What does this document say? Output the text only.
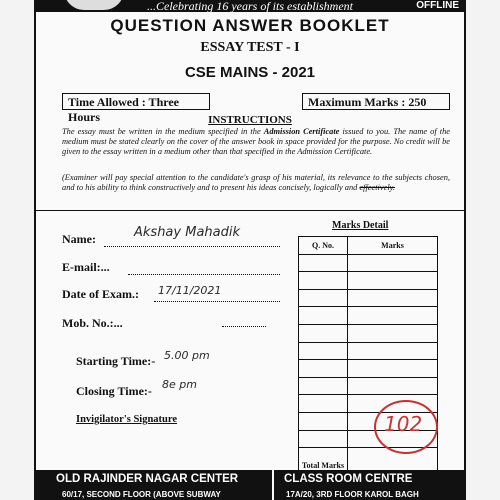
...Celebrating 16 years of its establishment	OFFLINE
QUESTION ANSWER BOOKLET
ESSAY TEST - I
CSE MAINS - 2021
Time Allowed : Three Hours
Maximum Marks : 250
INSTRUCTIONS
The essay must be written in the medium specified in the Admission Certificate issued to you. The name of the medium must be stated clearly on the cover of the answer book in space provided for the purpose. No credit will be given to the essay written in a medium other than that specified in the Admission Certificate.
(Examiner will pay special attention to the candidate's grasp of his material, its relevance to the subjects chosen, and to his ability to think constructively and to present his ideas concisely, logically and effectively.
Name:	Akshay Mahadik
E-mail:...
Date of Exam.: 17/11/2021
Mob. No.:...
Starting Time:- 5.00 pm
Closing Time:- 8e pm
Invigilator's Signature
Marks Detail
Q. No.	Marks

Total Marks	
102
OLD RAJINDER NAGAR CENTER	CLASS ROOM CENTRE
60/17, SECOND FLOOR (ABOVE SUBWAY	17A/20, 3RD FLOOR KAROL BAGH
